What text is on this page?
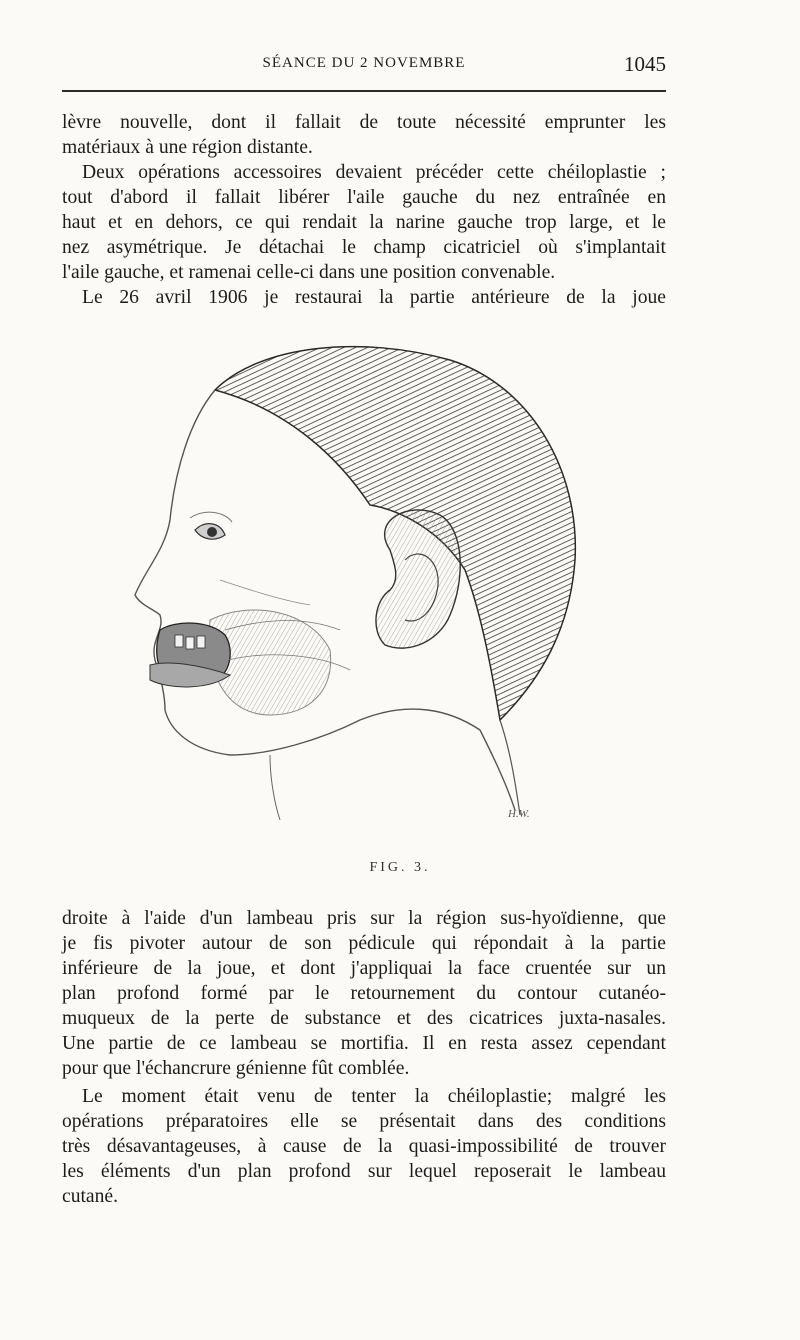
SÉANCE DU 2 NOVEMBRE	1045
lèvre nouvelle, dont il fallait de toute nécessité emprunter les
matériaux à une région distante.
Deux opérations accessoires devaient précéder cette chéiloplastie ;
tout d'abord il fallait libérer l'aile gauche du nez entraînée en
haut et en dehors, ce qui rendait la narine gauche trop large, et le
nez asymétrique. Je détachai le champ cicatriciel où s'implantait
l'aile gauche, et ramenai celle-ci dans une position convenable.
Le 26 avril 1906 je restaurai la partie antérieure de la joue
H.W.
FIG. 3.
droite à l'aide d'un lambeau pris sur la région sus-hyoïdienne, que
je fis pivoter autour de son pédicule qui répondait à la partie
inférieure de la joue, et dont j'appliquai la face cruentée sur un
plan profond formé par le retournement du contour cutanéo-
muqueux de la perte de substance et des cicatrices juxta-nasales.
Une partie de ce lambeau se mortifia. Il en resta assez cependant
pour que l'échancrure génienne fût comblée.
Le moment était venu de tenter la chéiloplastie; malgré les
opérations préparatoires elle se présentait dans des conditions
très désavantageuses, à cause de la quasi-impossibilité de trouver
les éléments d'un plan profond sur lequel reposerait le lambeau
cutané.
